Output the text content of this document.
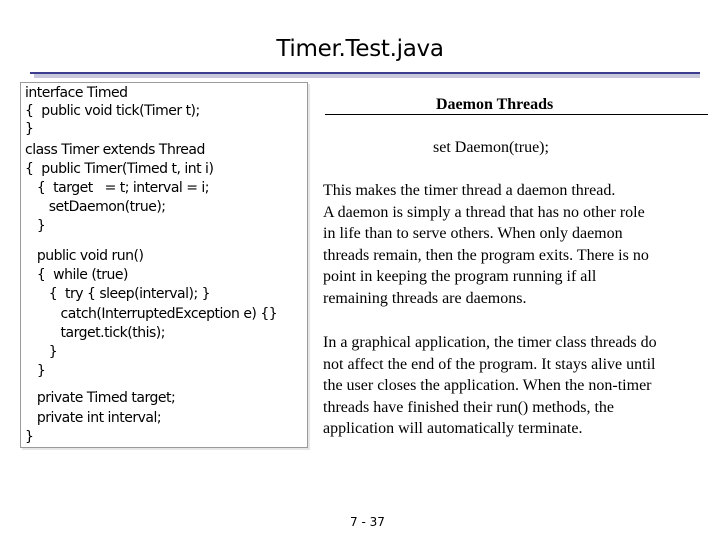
Timer.Test.java
interface Timed
{  public void tick(Timer t);
}
class Timer extends Thread
{  public Timer(Timed t, int i)
{  target   = t; interval = i;
setDaemon(true);
}
public void run()
{  while (true)
{  try { sleep(interval); }
catch(InterruptedException e) {}
target.tick(this);
}
}
private Timed target;
private int interval;
}
Daemon Threads
set Daemon(true);
This makes the timer thread a daemon thread.
A daemon is simply a thread that has no other role
in life than to serve others. When only daemon
threads remain, then the program exits. There is no
point in keeping the program running if all
remaining threads are daemons.
In a graphical application, the timer class threads do
not affect the end of the program. It stays alive until
the user closes the application. When the non-timer
threads have finished their run() methods, the
application will automatically terminate.
7 - 37
